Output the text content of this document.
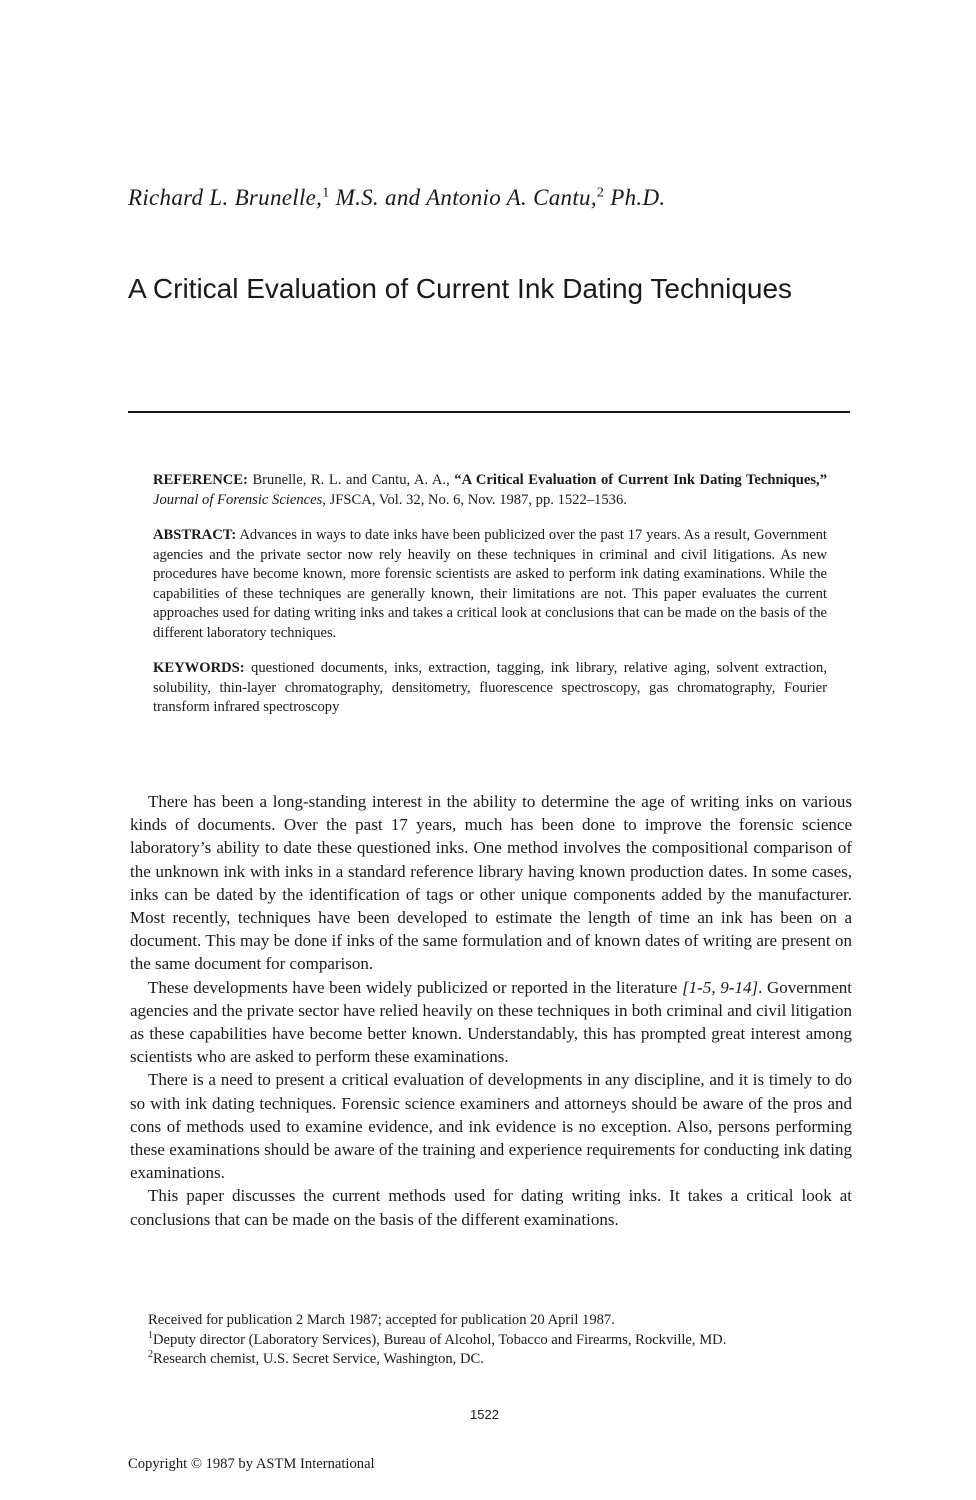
Richard L. Brunelle,$^1$ M.S. and Antonio A. Cantu,$^2$ Ph.D.
A Critical Evaluation of Current Ink Dating Techniques

REFERENCE: Brunelle, R. L. and Cantu, A. A., “A Critical Evaluation of Current Ink Dating Techniques,” Journal of Forensic Sciences, JFSCA, Vol. 32, No. 6, Nov. 1987, pp. 1522–1536.

ABSTRACT: Advances in ways to date inks have been publicized over the past 17 years. As a result, Government agencies and the private sector now rely heavily on these techniques in criminal and civil litigations. As new procedures have become known, more forensic scientists are asked to perform ink dating examinations. While the capabilities of these techniques are generally known, their limitations are not. This paper evaluates the current approaches used for dating writing inks and takes a critical look at conclusions that can be made on the basis of the different laboratory techniques.

KEYWORDS: questioned documents, inks, extraction, tagging, ink library, relative aging, solvent extraction, solubility, thin-layer chromatography, densitometry, fluorescence spectroscopy, gas chromatography, Fourier transform infrared spectroscopy

There has been a long-standing interest in the ability to determine the age of writing inks on various kinds of documents. Over the past 17 years, much has been done to improve the forensic science laboratory’s ability to date these questioned inks. One method involves the compositional comparison of the unknown ink with inks in a standard reference library having known production dates. In some cases, inks can be dated by the identification of tags or other unique components added by the manufacturer. Most recently, techniques have been developed to estimate the length of time an ink has been on a document. This may be done if inks of the same formulation and of known dates of writing are present on the same document for comparison.

These developments have been widely publicized or reported in the literature [1-5, 9-14]. Government agencies and the private sector have relied heavily on these techniques in both criminal and civil litigation as these capabilities have become better known. Understandably, this has prompted great interest among scientists who are asked to perform these examinations.

There is a need to present a critical evaluation of developments in any discipline, and it is timely to do so with ink dating techniques. Forensic science examiners and attorneys should be aware of the pros and cons of methods used to examine evidence, and ink evidence is no exception. Also, persons performing these examinations should be aware of the training and experience requirements for conducting ink dating examinations.

This paper discusses the current methods used for dating writing inks. It takes a critical look at conclusions that can be made on the basis of the different examinations.

Received for publication 2 March 1987; accepted for publication 20 April 1987.
$^1$Deputy director (Laboratory Services), Bureau of Alcohol, Tobacco and Firearms, Rockville, MD.
$^2$Research chemist, U.S. Secret Service, Washington, DC.
1522
Copyright © 1987 by ASTM International
